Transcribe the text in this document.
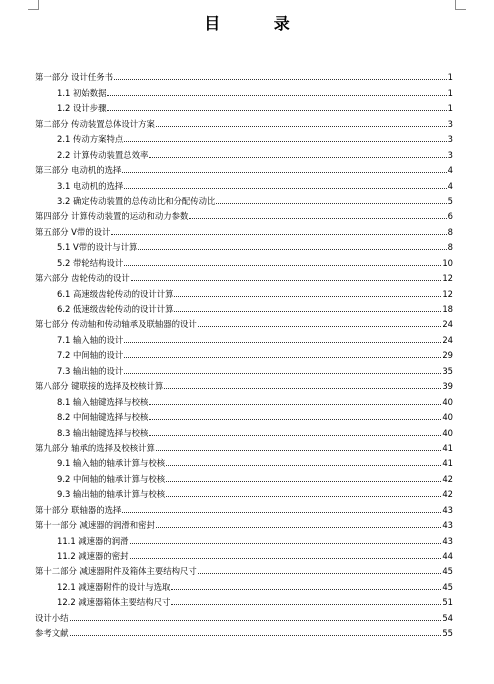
目 录
第一部分 设计任务书	1
1.1 初始数据	1
1.2 设计步骤	1
第二部分 传动装置总体设计方案	3
2.1 传动方案特点	3
2.2 计算传动装置总效率	3
第三部分 电动机的选择	4
3.1 电动机的选择	4
3.2 确定传动装置的总传动比和分配传动比	5
第四部分 计算传动装置的运动和动力参数	6
第五部分 V带的设计	8
5.1 V带的设计与计算	8
5.2 带轮结构设计	10
第六部分 齿轮传动的设计	12
6.1 高速级齿轮传动的设计计算	12
6.2 低速级齿轮传动的设计计算	18
第七部分 传动轴和传动轴承及联轴器的设计	24
7.1 输入轴的设计	24
7.2 中间轴的设计	29
7.3 输出轴的设计	35
第八部分 键联接的选择及校核计算	39
8.1 输入轴键选择与校核	40
8.2 中间轴键选择与校核	40
8.3 输出轴键选择与校核	40
第九部分 轴承的选择及校核计算	41
9.1 输入轴的轴承计算与校核	41
9.2 中间轴的轴承计算与校核	42
9.3 输出轴的轴承计算与校核	42
第十部分 联轴器的选择	43
第十一部分 减速器的润滑和密封	43
11.1 减速器的润滑	43
11.2 减速器的密封	44
第十二部分 减速器附件及箱体主要结构尺寸	45
12.1 减速器附件的设计与选取	45
12.2 减速器箱体主要结构尺寸	51
设计小结	54
参考文献	55
